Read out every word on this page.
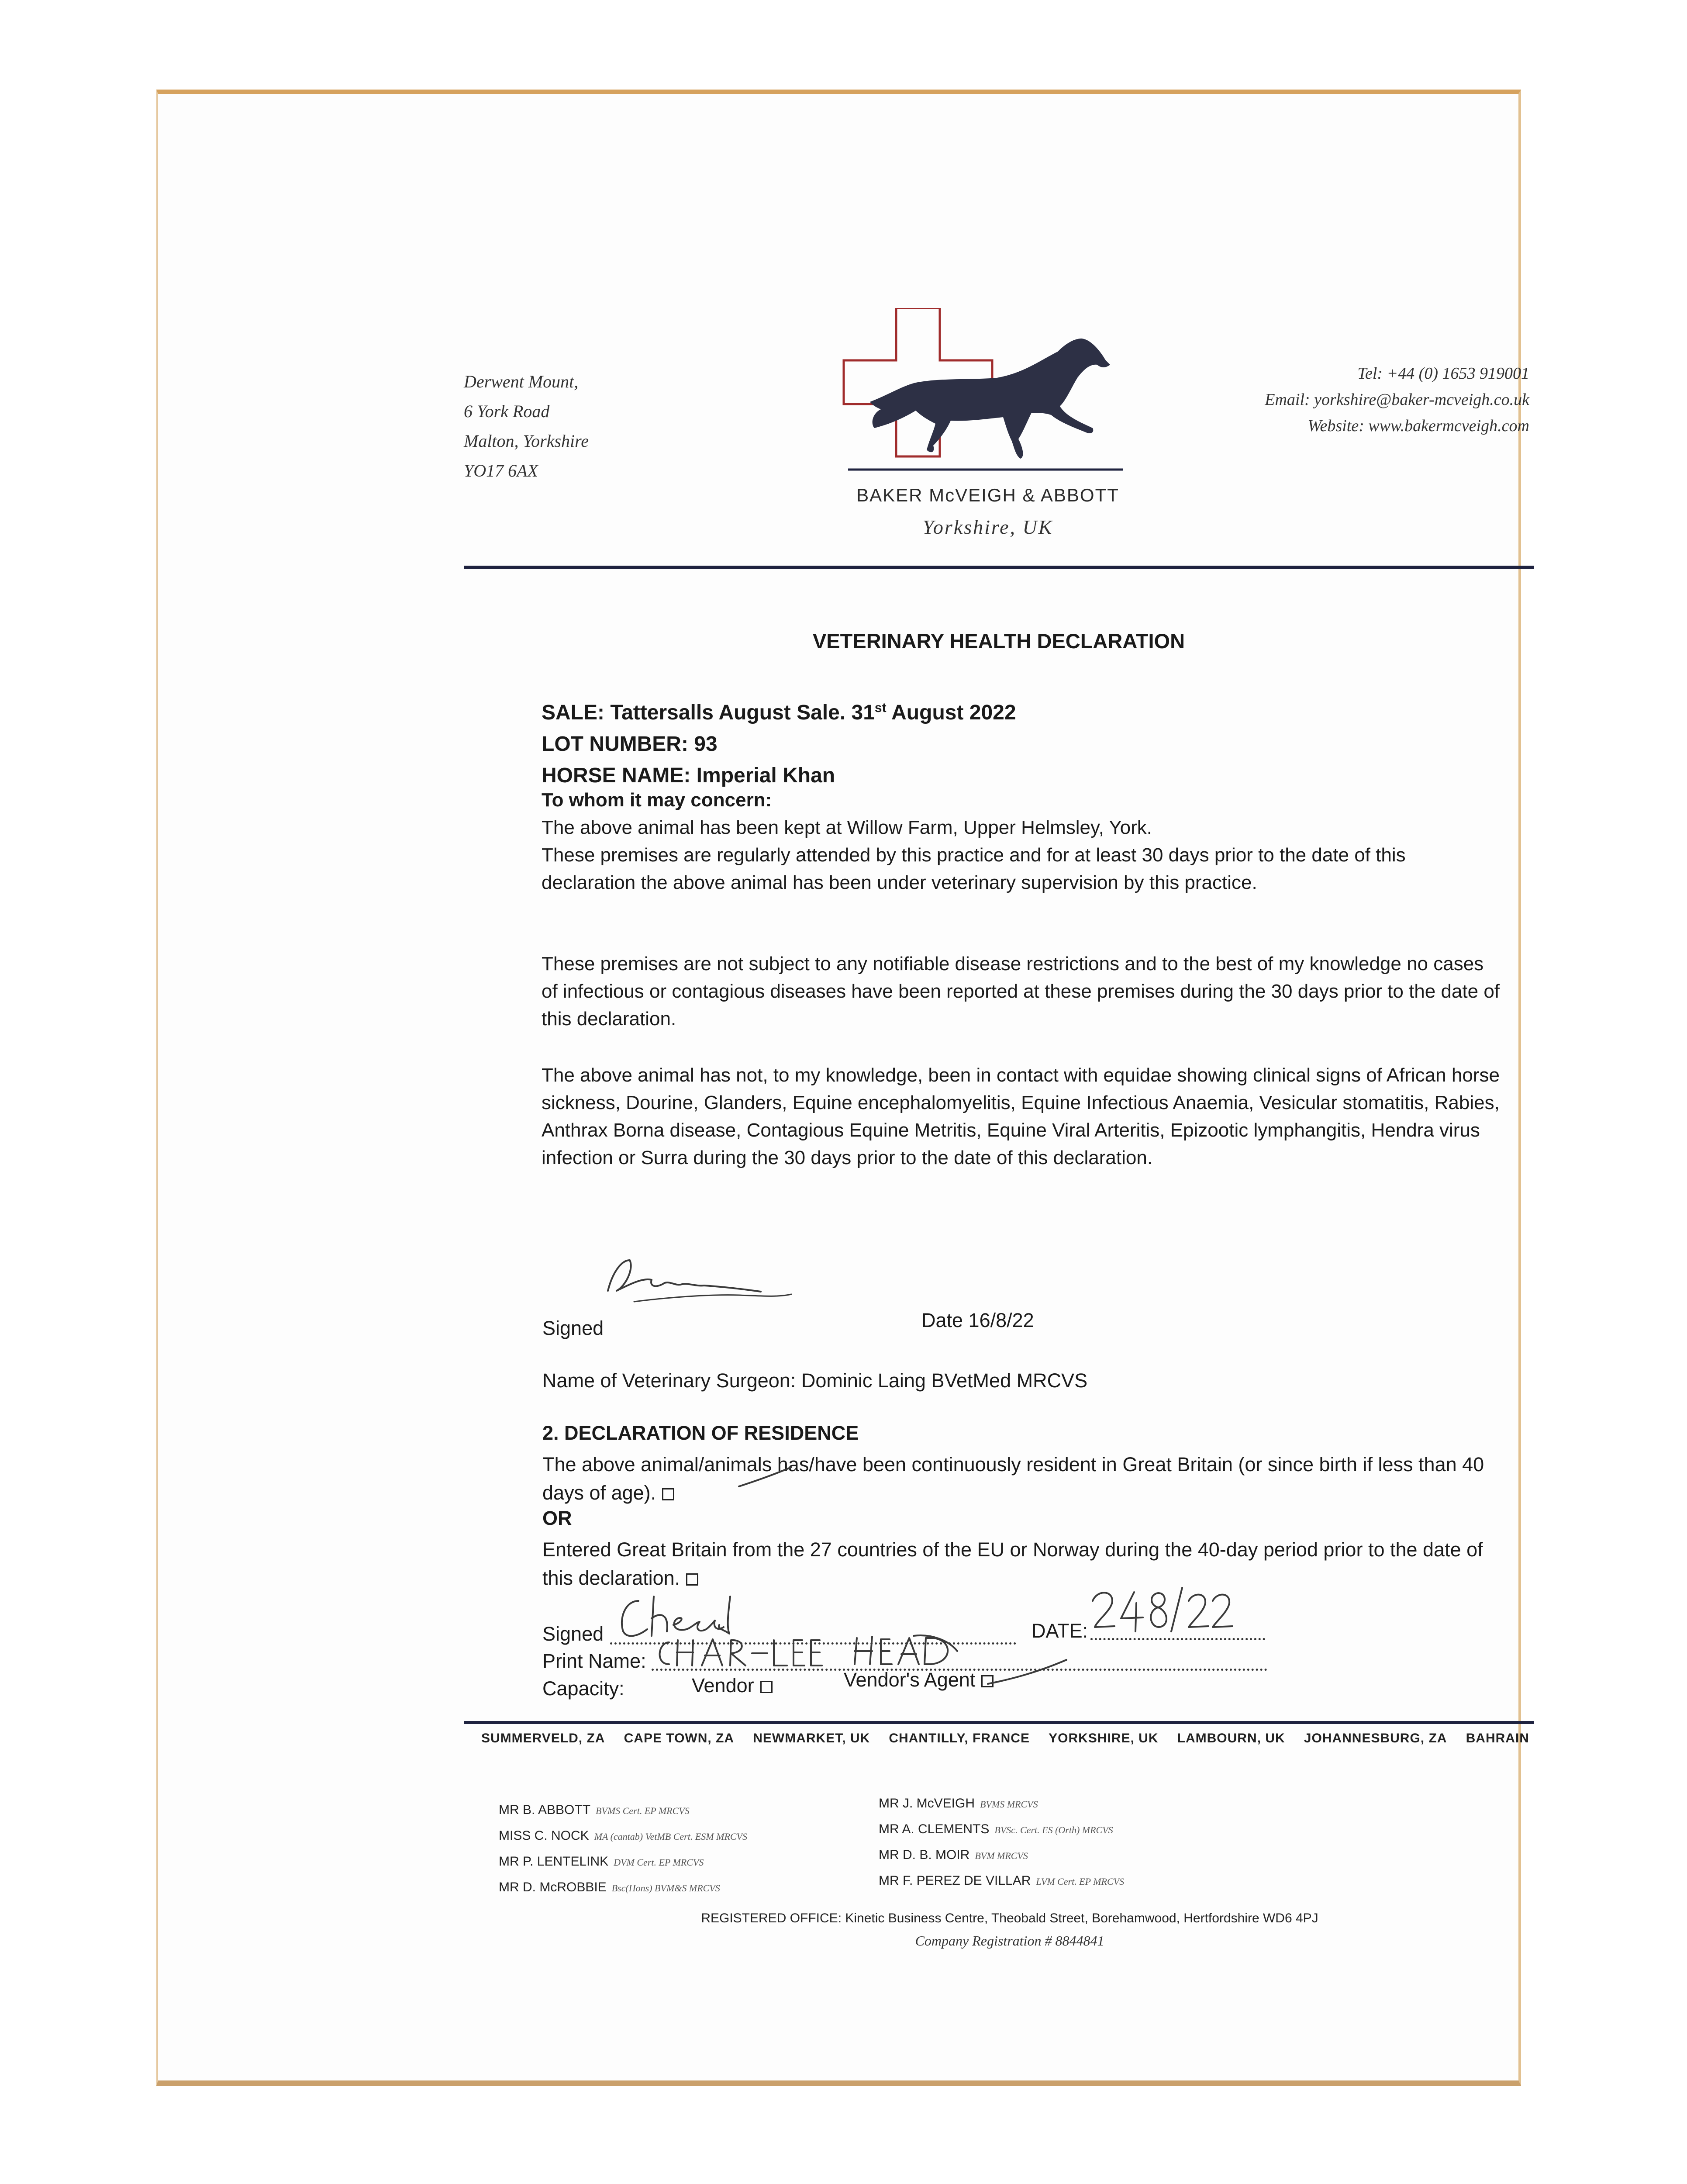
Derwent Mount,
6 York Road
Malton, Yorkshire
YO17 6AX
BAKER McVEIGH & ABBOTT
Yorkshire, UK
Tel: +44 (0) 1653 919001
Email: yorkshire@baker-mcveigh.co.uk
Website: www.bakermcveigh.com
VETERINARY HEALTH DECLARATION
SALE: Tattersalls August Sale. 31st August 2022
LOT NUMBER: 93
HORSE NAME: Imperial Khan
To whom it may concern:
The above animal has been kept at Willow Farm, Upper Helmsley, York.
These premises are regularly attended by this practice and for at least 30 days prior to the date of this declaration the above animal has been under veterinary supervision by this practice.
These premises are not subject to any notifiable disease restrictions and to the best of my knowledge no cases of infectious or contagious diseases have been reported at these premises during the 30 days prior to the date of this declaration.
The above animal has not, to my knowledge, been in contact with equidae showing clinical signs of African horse sickness, Dourine, Glanders, Equine encephalomyelitis, Equine Infectious Anaemia, Vesicular stomatitis, Rabies, Anthrax Borna disease, Contagious Equine Metritis, Equine Viral Arteritis, Epizootic lymphangitis, Hendra virus infection or Surra during the 30 days prior to the date of this declaration.
Signed	Date 16/8/22
Name of Veterinary Surgeon: Dominic Laing BVetMed MRCVS
2. DECLARATION OF RESIDENCE
The above animal/animals has/have been continuously resident in Great Britain (or since birth if less than 40 days of age).
OR
Entered Great Britain from the 27 countries of the EU or Norway during the 40-day period prior to the date of this declaration.
Signed	DATE:
Print Name:
Capacity:	Vendor	Vendor's Agent
SUMMERVELD, ZA CAPE TOWN, ZA NEWMARKET, UK CHANTILLY, FRANCE YORKSHIRE, UK LAMBOURN, UK JOHANNESBURG, ZA BAHRAIN
MR B. ABBOTT BVMS Cert. EP MRCVS
MISS C. NOCK MA (cantab) VetMB Cert. ESM MRCVS
MR P. LENTELINK DVM Cert. EP MRCVS
MR D. McROBBIE Bsc(Hons) BVM&S MRCVS
MR J. McVEIGH BVMS MRCVS
MR A. CLEMENTS BVSc. Cert. ES (Orth) MRCVS
MR D. B. MOIR BVM MRCVS
MR F. PEREZ DE VILLAR LVM Cert. EP MRCVS
REGISTERED OFFICE: Kinetic Business Centre, Theobald Street, Borehamwood, Hertfordshire WD6 4PJ
Company Registration # 8844841
